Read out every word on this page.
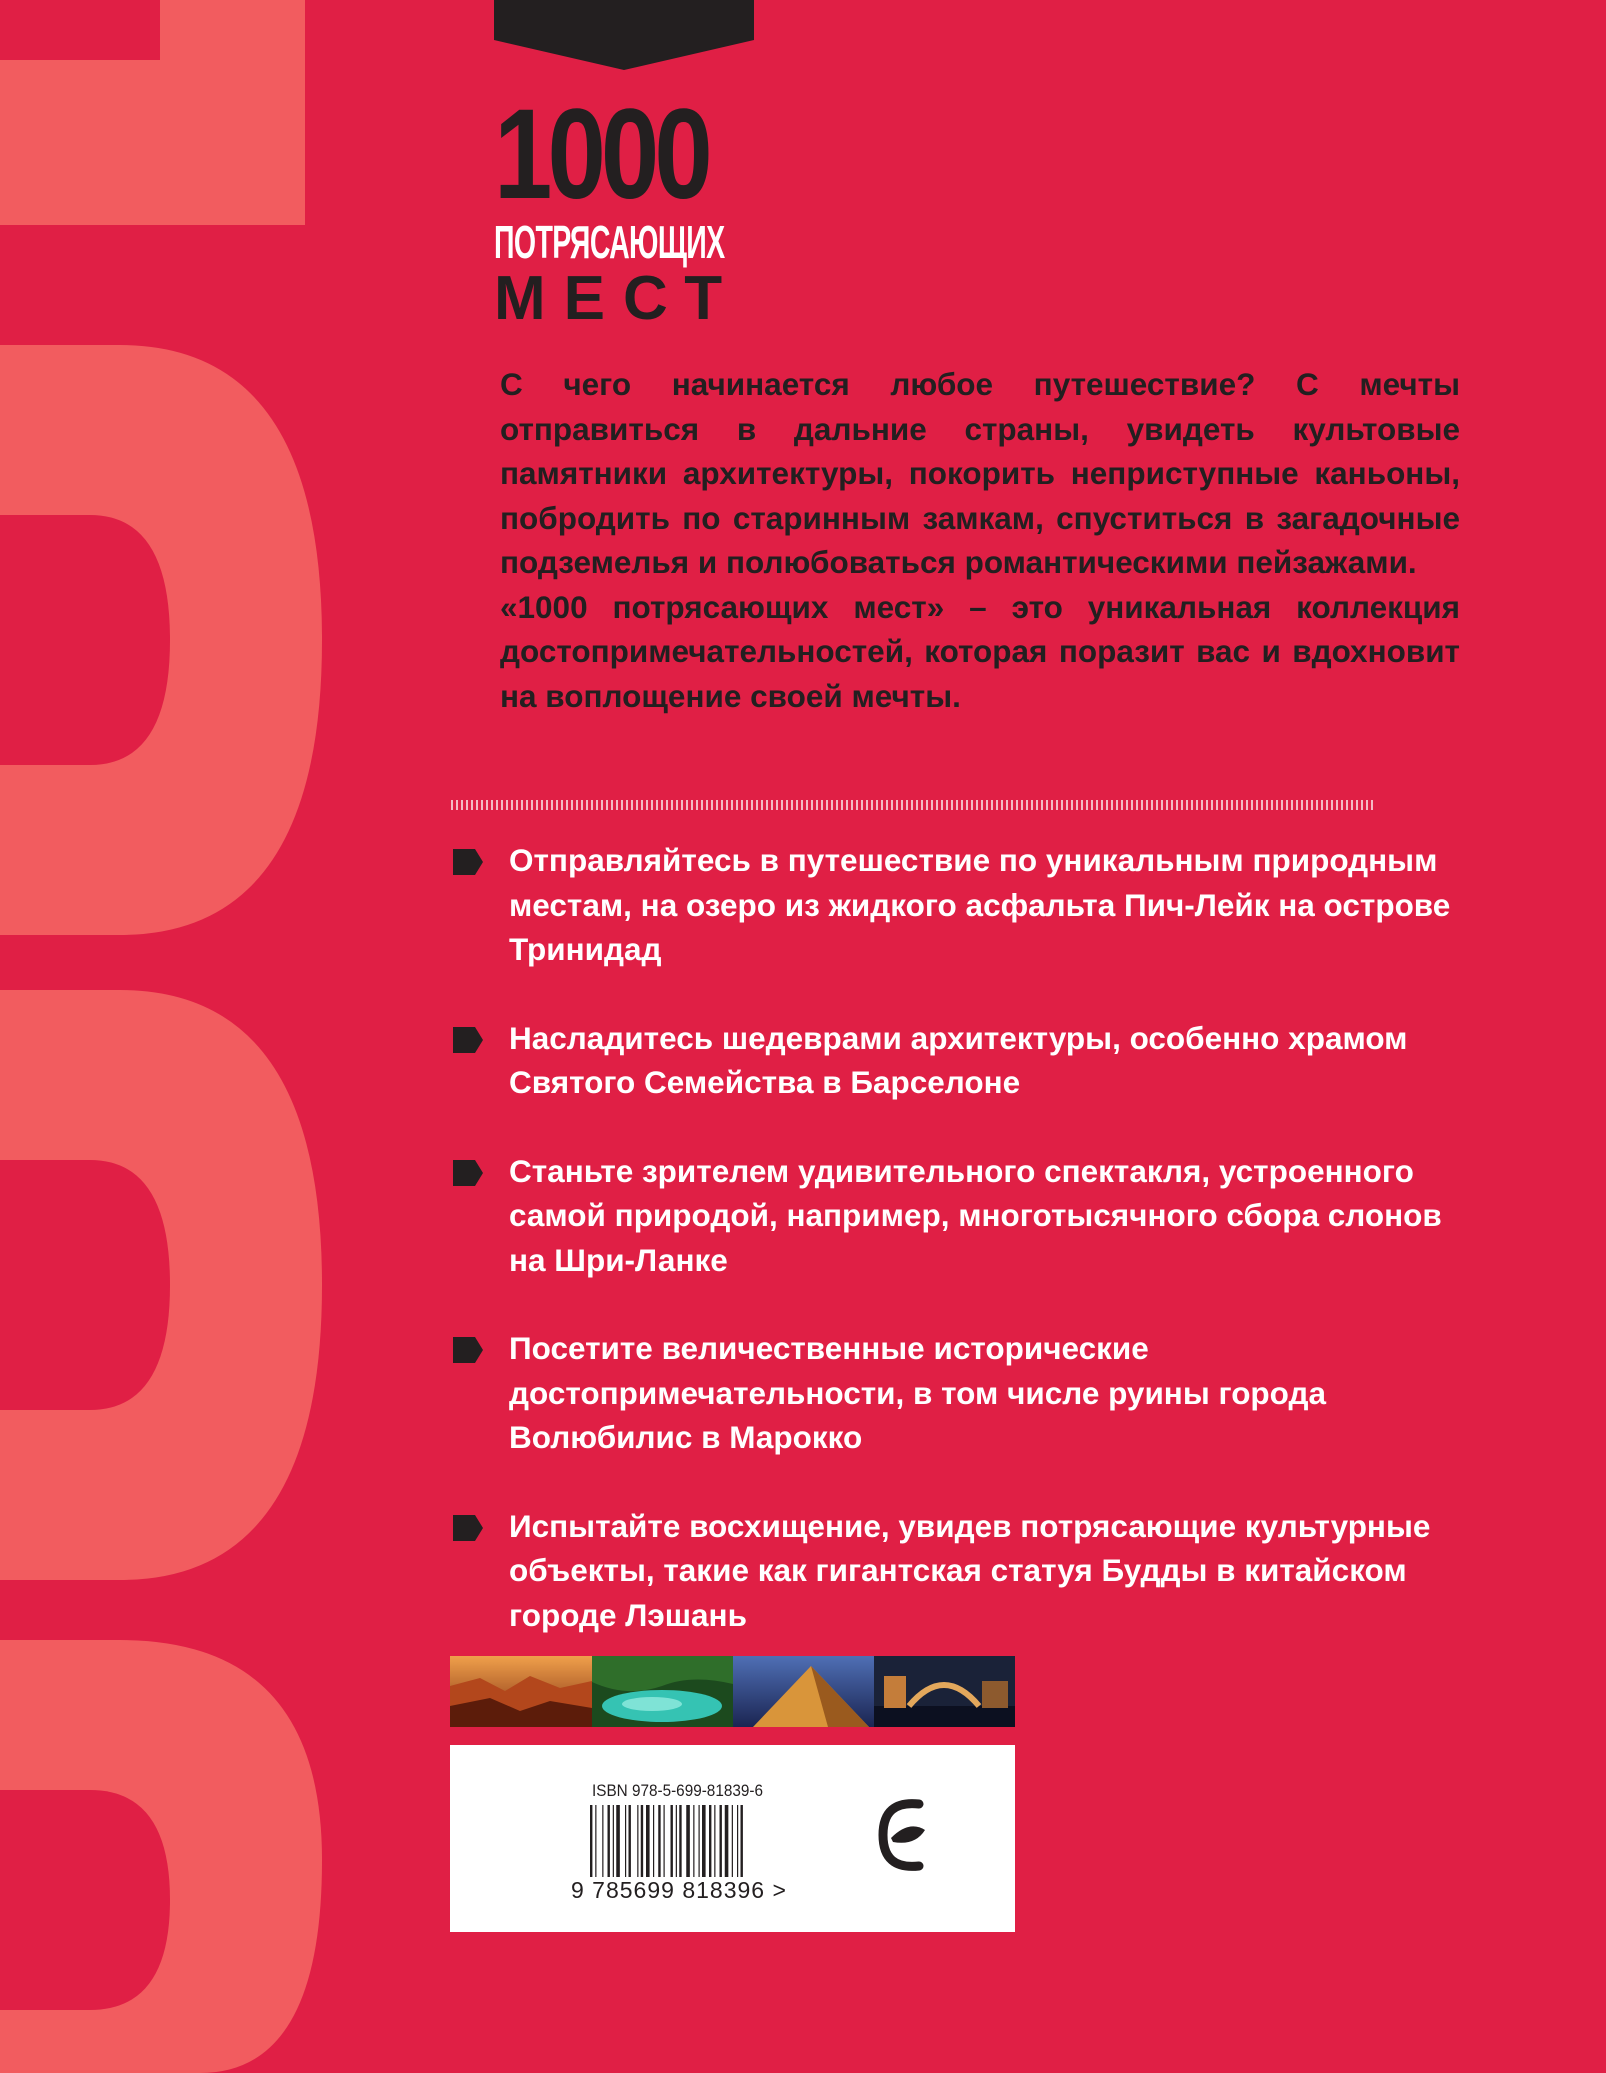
1000
ПОТРЯСАЮЩИХ
МЕСТ

С чего начинается любое путешествие? С мечты отправиться в дальние страны, увидеть культовые памятники архитектуры, покорить неприступные каньоны, побродить по старинным замкам, спуститься в загадочные подземелья и полюбоваться романтическими пейзажами.

«1000 потрясающих мест» – это уникальная коллекция достопримечательностей, которая поразит вас и вдохновит на воплощение своей мечты.

Отправляйтесь в путешествие по уникальным природным местам, на озеро из жидкого асфальта Пич-Лейк на острове Тринидад

Насладитесь шедеврами архитектуры, особенно храмом Святого Семейства в Барселоне

Станьте зрителем удивительного спектакля, устроенного самой природой, например, многотысячного сбора слонов на Шри-Ланке

Посетите величественные исторические достопримечательности, в том числе руины города Волюбилис в Марокко

Испытайте восхищение, увидев потрясающие культурные объекты, такие как гигантская статуя Будды в китайском городе Лэшань

ISBN 978-5-699-81839-6
9 785699 818396 >
